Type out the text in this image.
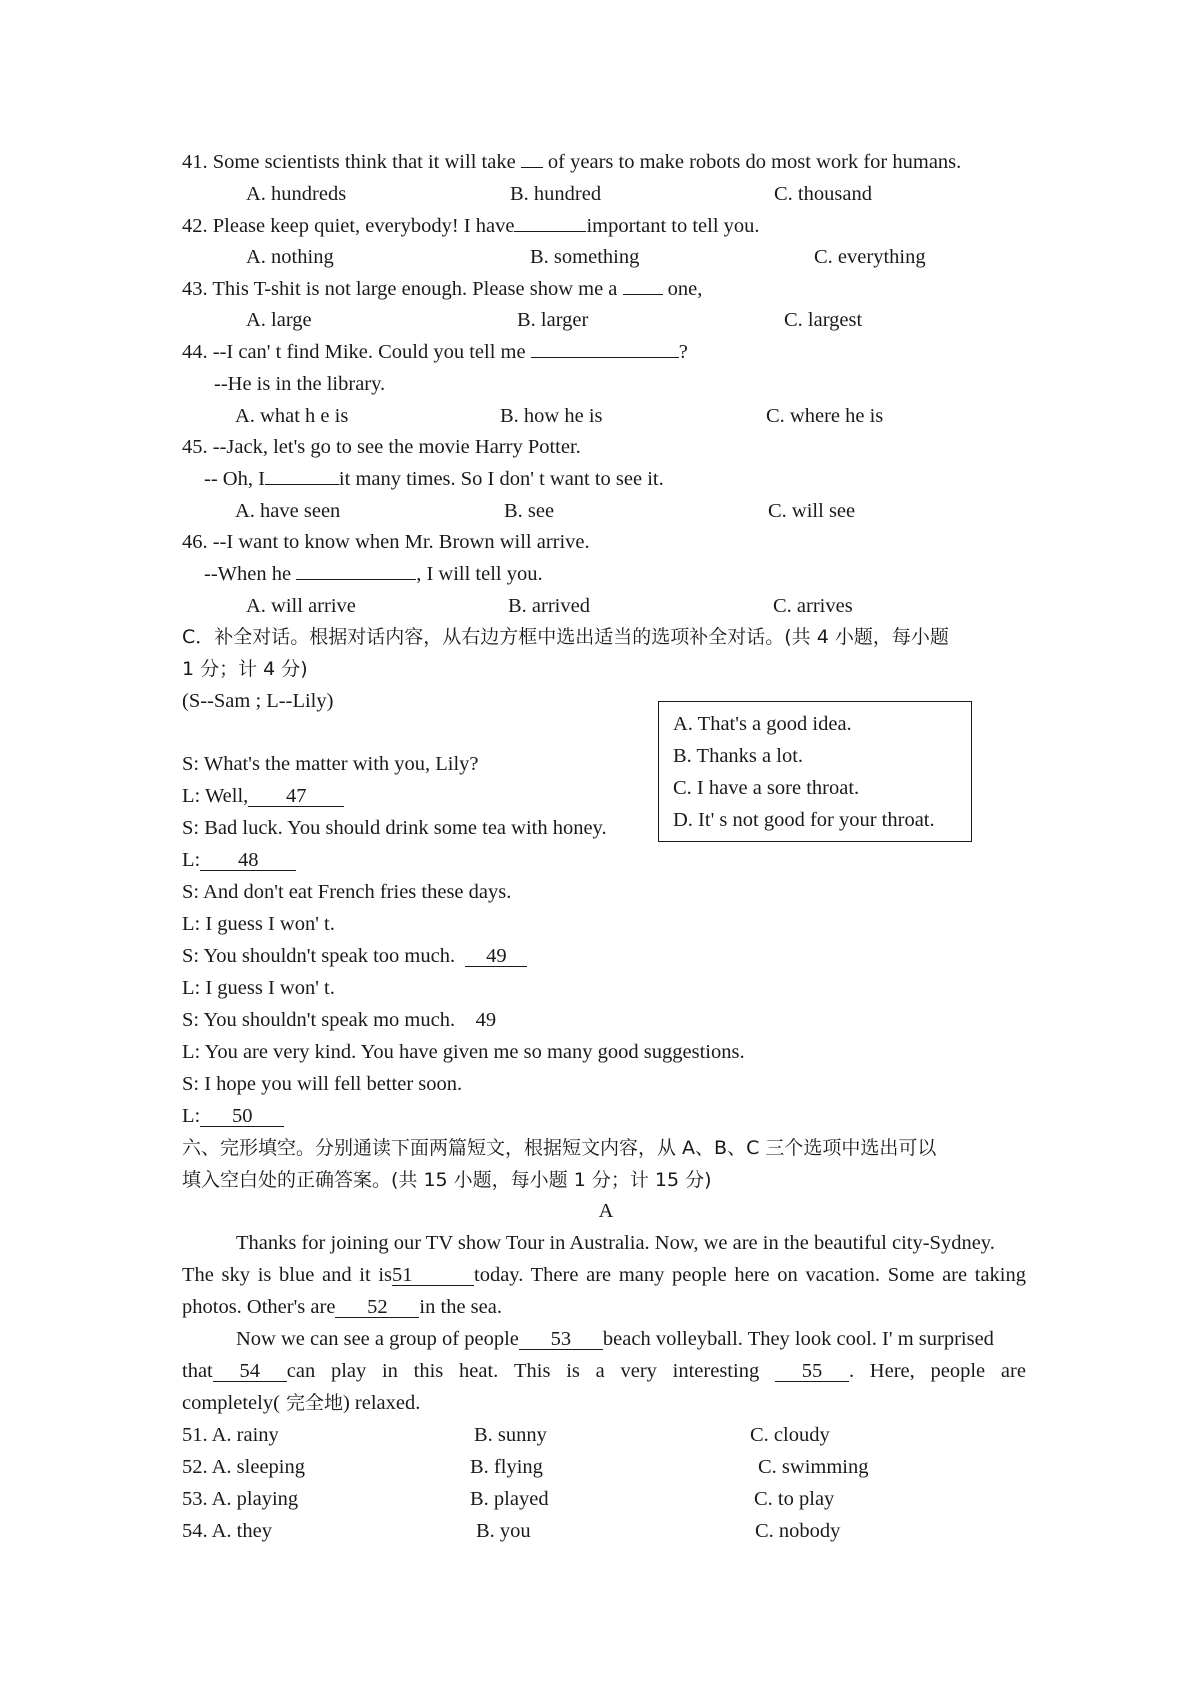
41. Some scientists think that it will take  of years to make robots do most work for humans.
A. hundreds	B. hundred	C. thousand
42. Please keep quiet, everybody! I have	important to tell you.
A. nothing	B. something	C. everything
43. This T-shit is not large enough. Please show me a  one,
A. large	B. larger	C. largest
44. --I can' t find Mike. Could you tell me	?
--He is in the library.
A. what h e is	B. how he is	C. where he is
45. --Jack, let's go to see the movie Harry Potter.
-- Oh, I	it many times. So I don' t want to see it.
A. have seen	B. see	C. will see
46. --I want to know when Mr. Brown will arrive.
--When he	, I will tell you.
A. will arrive	B. arrived	C. arrives
C．补全对话。根据对话内容，从右边方框中选出适当的选项补全对话。(共 4 小题，每小题
1 分；计 4 分)
(S--Sam ; L--Lily)
A. That's a good idea.
B. Thanks a lot.
C. I have a sore throat.
D. It' s not good for your throat.
S: What's the matter with you, Lily?
L: Well, 47
S: Bad luck. You should drink some tea with honey.
L: 48
S: And don't eat French fries these days.
L: I guess I won' t.
S: You shouldn't speak too much.  49
L: I guess I won' t.
S: You shouldn't speak mo much.    49
L: You are very kind. You have given me so many good suggestions.
S: I hope you will fell better soon.
L: 50
六、完形填空。分别通读下面两篇短文，根据短文内容，从 A、B、C 三个选项中选出可以
填入空白处的正确答案。(共 15 小题，每小题 1 分；计 15 分)
A
Thanks for joining our TV show Tour in Australia. Now, we are in the beautiful city-Sydney.
The sky is blue and it is51	today. There are many people here on vacation. Some are taking
photos. Other's are 52 in the sea.
Now we can see a group of people 53 beach volleyball. They look cool. I' m surprised
that 54 can play in this heat. This is a very interesting	55 . Here, people are
completely( 完全地) relaxed.
51. A. rainy	B. sunny	C. cloudy
52. A. sleeping	B. flying	C. swimming
53. A. playing	B. played	C. to play
54. A. they	B. you	C. nobody
